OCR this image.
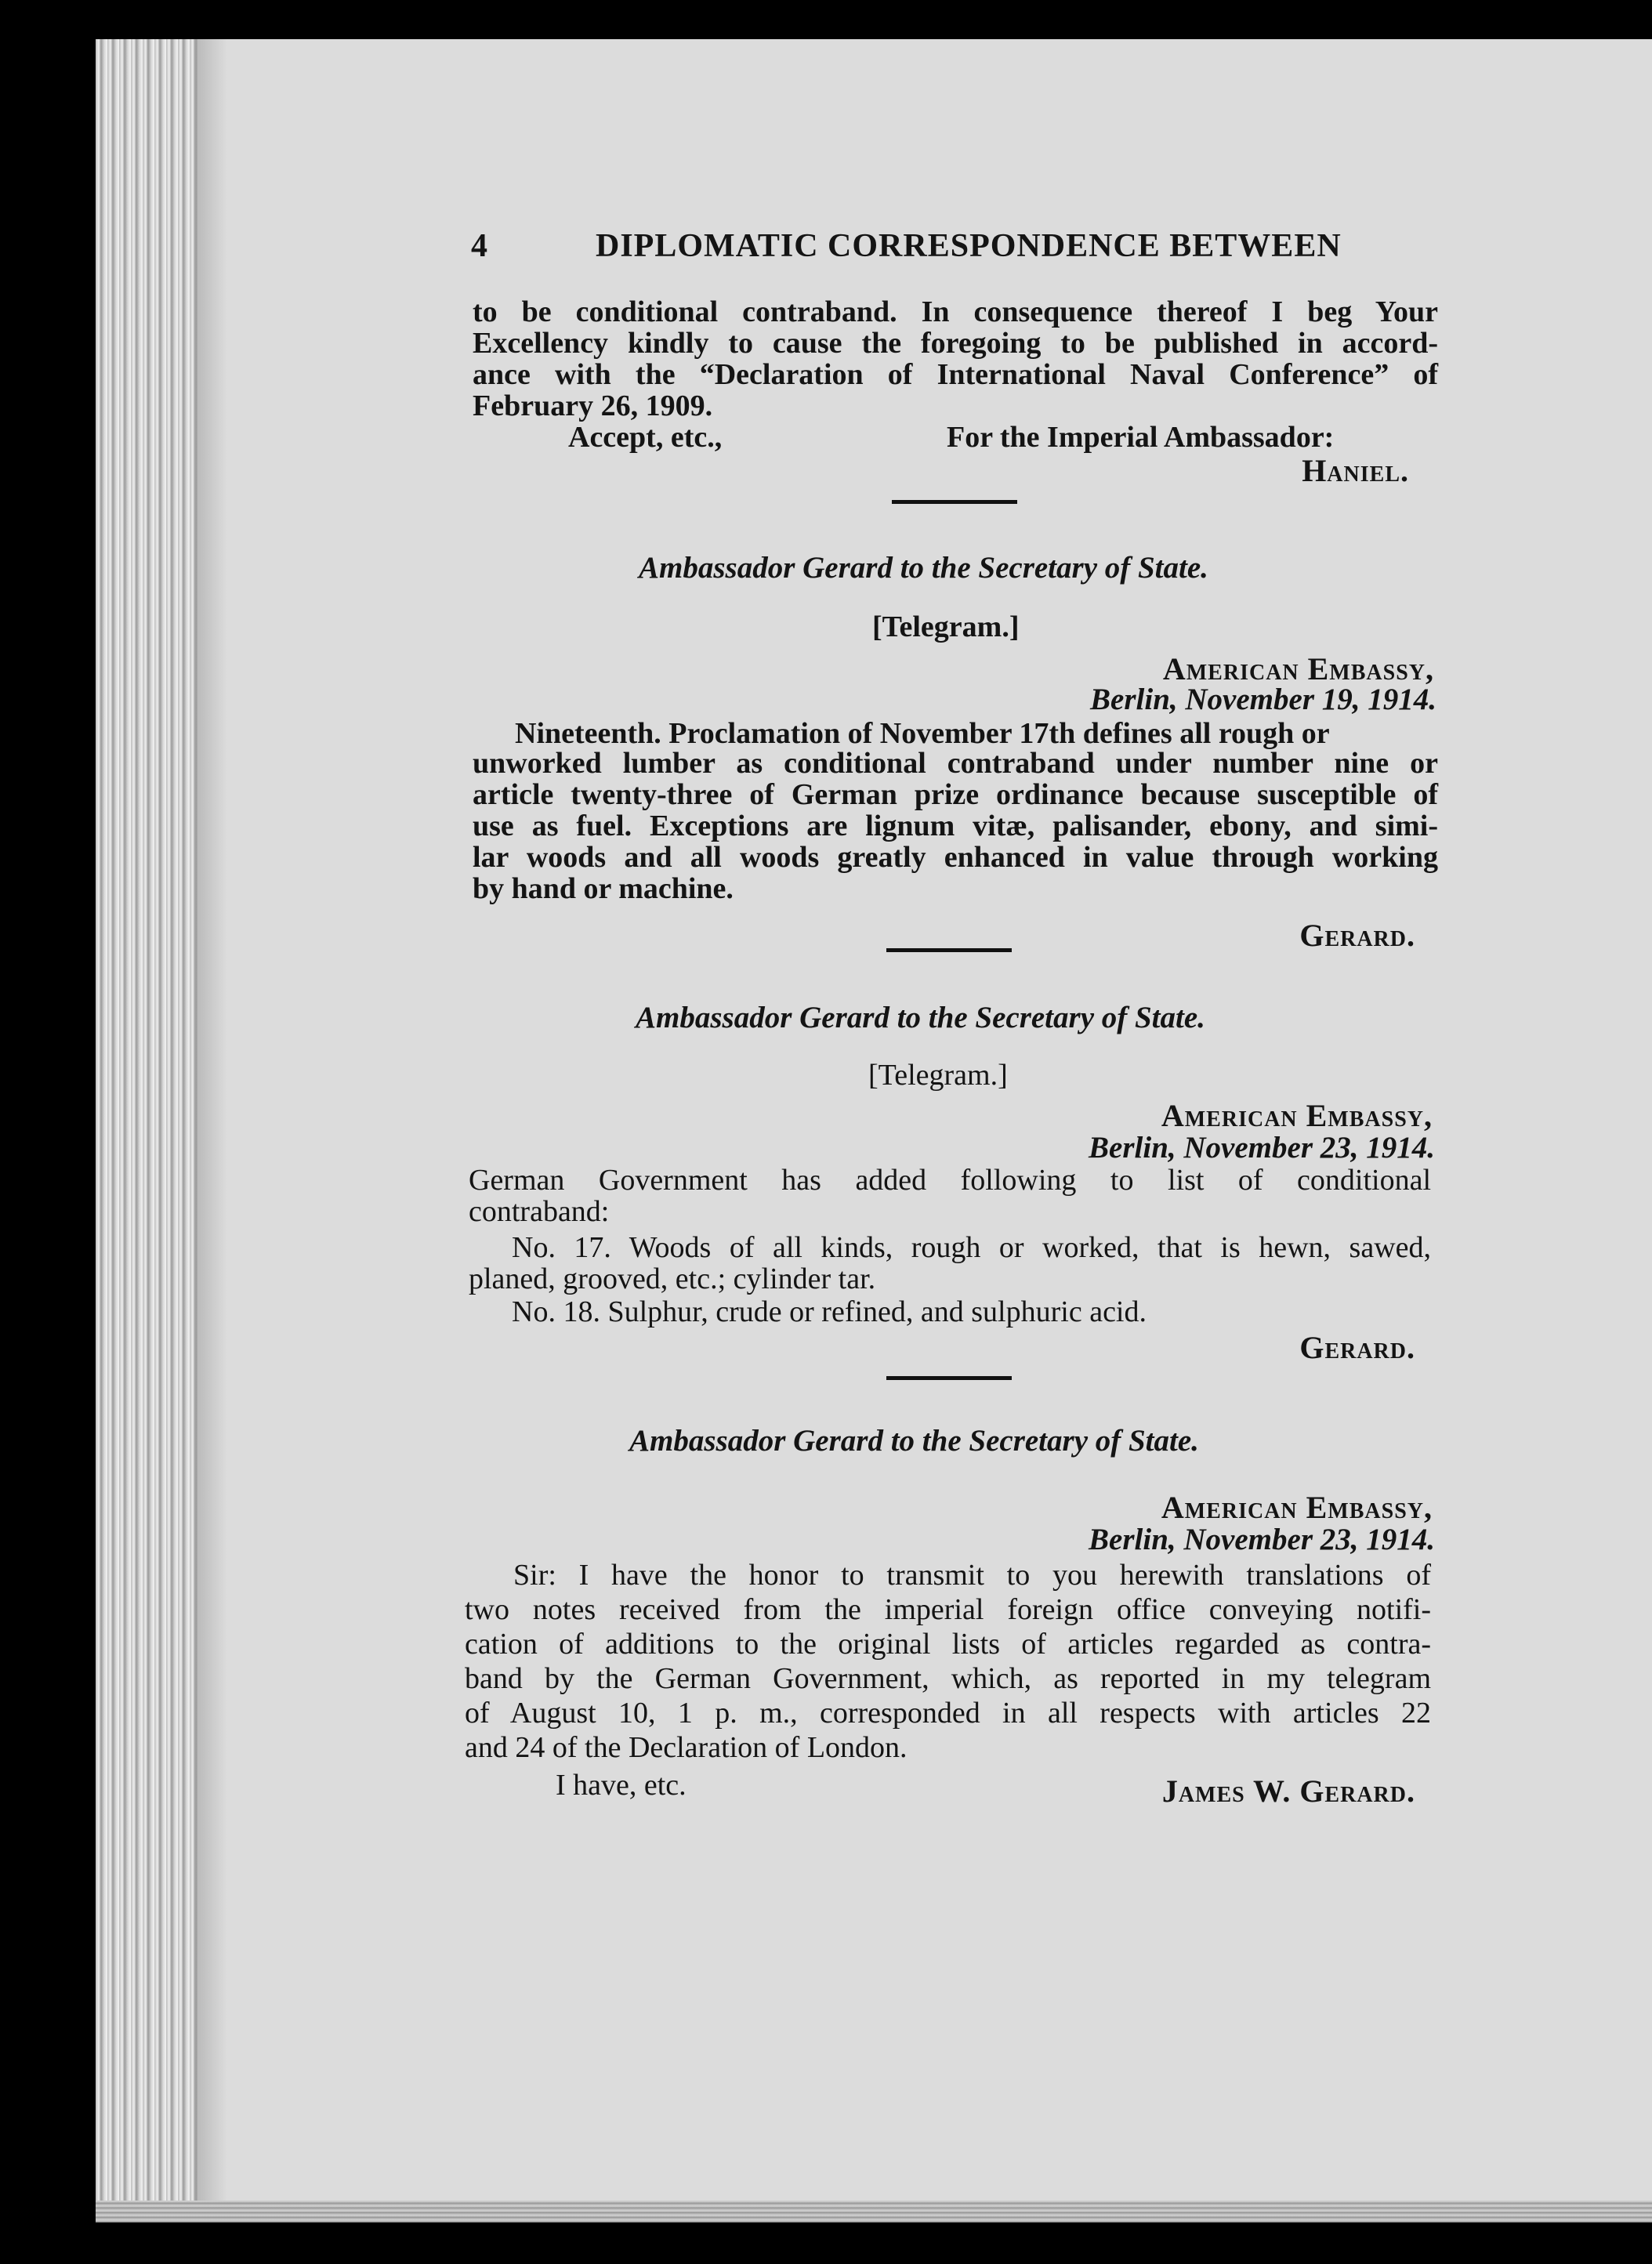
4	DIPLOMATIC CORRESPONDENCE BETWEEN

to be conditional contraband. In consequence thereof I beg Your

Excellency kindly to cause the foregoing to be published in accord-

ance with the “Declaration of International Naval Conference” of

February 26, 1909.

Accept, etc.,	For the Imperial Ambassador:

Haniel.

Ambassador Gerard to the Secretary of State.

[Telegram.]

American Embassy,

Berlin, November 19, 1914.

Nineteenth. Proclamation of November 17th defines all rough or

unworked lumber as conditional contraband under number nine or

article twenty-three of German prize ordinance because susceptible of

use as fuel. Exceptions are lignum vitæ, palisander, ebony, and simi-

lar woods and all woods greatly enhanced in value through working

by hand or machine.

Gerard.

Ambassador Gerard to the Secretary of State.

[Telegram.]

American Embassy,

Berlin, November 23, 1914.

German Government has added following to list of conditional

contraband:

No. 17. Woods of all kinds, rough or worked, that is hewn, sawed,

planed, grooved, etc.; cylinder tar.

No. 18. Sulphur, crude or refined, and sulphuric acid.

Gerard.

Ambassador Gerard to the Secretary of State.

American Embassy,

Berlin, November 23, 1914.

Sir: I have the honor to transmit to you herewith translations of

two notes received from the imperial foreign office conveying notifi-

cation of additions to the original lists of articles regarded as contra-

band by the German Government, which, as reported in my telegram

of August 10, 1 p. m., corresponded in all respects with articles 22

and 24 of the Declaration of London.

I have, etc.	James W. Gerard.
